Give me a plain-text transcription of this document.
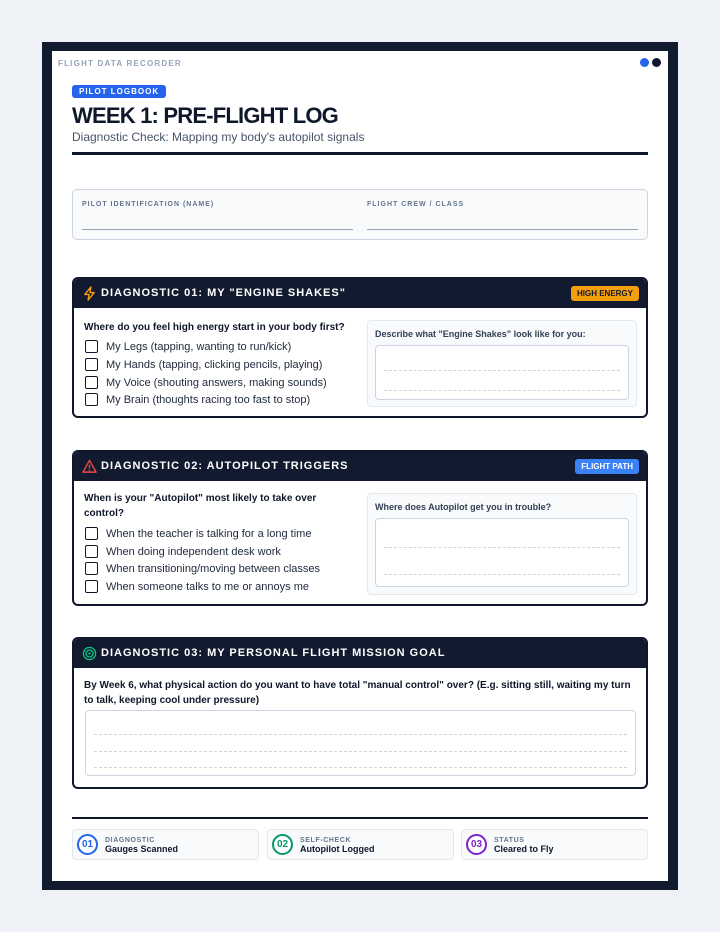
FLIGHT DATA RECORDER
PILOT LOGBOOK
WEEK 1: PRE-FLIGHT LOG
Diagnostic Check: Mapping my body's autopilot signals
PILOT IDENTIFICATION (NAME)	FLIGHT CREW / CLASS
DIAGNOSTIC 01: MY "ENGINE SHAKES"	HIGH ENERGY
Where do you feel high energy start in your body first?
My Legs (tapping, wanting to run/kick)
My Hands (tapping, clicking pencils, playing)
My Voice (shouting answers, making sounds)
My Brain (thoughts racing too fast to stop)
Describe what "Engine Shakes" look like for you:
DIAGNOSTIC 02: AUTOPILOT TRIGGERS	FLIGHT PATH
When is your "Autopilot" most likely to take over control?
When the teacher is talking for a long time
When doing independent desk work
When transitioning/moving between classes
When someone talks to me or annoys me
Where does Autopilot get you in trouble?
DIAGNOSTIC 03: MY PERSONAL FLIGHT MISSION GOAL
By Week 6, what physical action do you want to have total "manual control" over? (E.g. sitting still, waiting my turn to talk, keeping cool under pressure)
01	DIAGNOSTIC
Gauges Scanned	02	SELF-CHECK
Autopilot Logged	03	STATUS
Cleared to Fly
